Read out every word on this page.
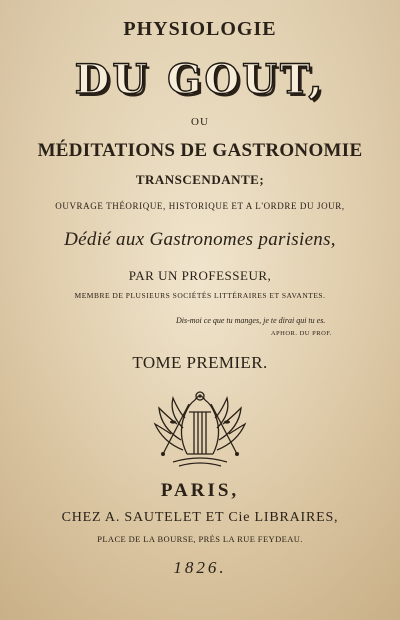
PHYSIOLOGIE
DU GOUT,
OU
MÉDITATIONS DE GASTRONOMIE
TRANSCENDANTE;
OUVRAGE THÉORIQUE, HISTORIQUE ET A L'ORDRE DU JOUR,
Dédié aux Gastronomes parisiens,
PAR UN PROFESSEUR,
MEMBRE DE PLUSIEURS SOCIÉTÉS LITTÉRAIRES ET SAVANTES.
Dis-moi ce que tu manges, je te dirai qui tu es.
APHOR. DU PROF.
TOME PREMIER.
PARIS,
CHEZ A. SAUTELET ET Cie LIBRAIRES,
PLACE DE LA BOURSE, PRÈS LA RUE FEYDEAU.
1826.
